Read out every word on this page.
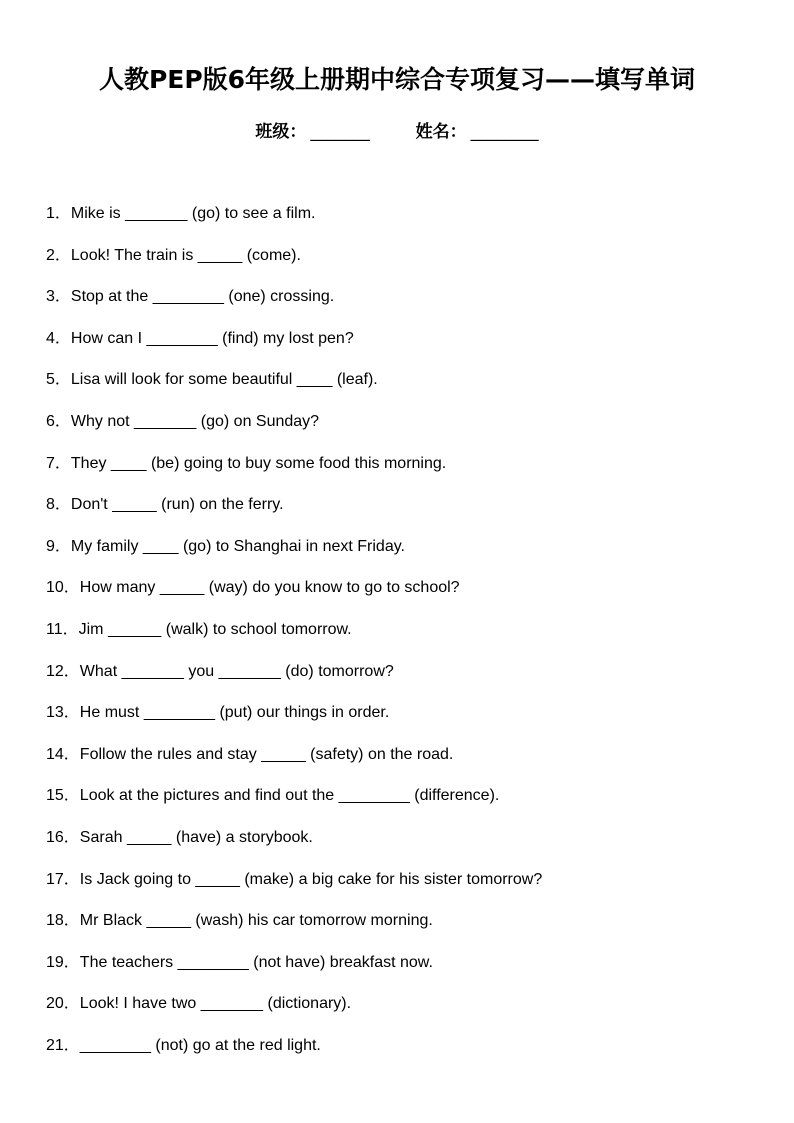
人教PEP版6年级上册期中综合专项复习——填写单词
班级： _______	姓名： ________
1．Mike is _______ (go) to see a film.
2．Look! The train is _____ (come).
3．Stop at the ________ (one) crossing.
4．How can I ________ (find) my lost pen?
5．Lisa will look for some beautiful ____ (leaf).
6．Why not _______ (go) on Sunday?
7．They ____ (be) going to buy some food this morning.
8．Don't _____ (run) on the ferry.
9．My family ____ (go) to Shanghai in next Friday.
10．How many _____ (way) do you know to go to school?
11．Jim ______ (walk) to school tomorrow.
12．What _______ you _______ (do) tomorrow?
13．He must ________ (put) our things in order.
14．Follow the rules and stay _____ (safety) on the road.
15．Look at the pictures and find out the ________ (difference).
16．Sarah _____ (have) a storybook.
17．Is Jack going to _____ (make) a big cake for his sister tomorrow?
18．Mr Black _____ (wash) his car tomorrow morning.
19．The teachers ________ (not have) breakfast now.
20．Look! I have two _______ (dictionary).
21．________ (not) go at the red light.
